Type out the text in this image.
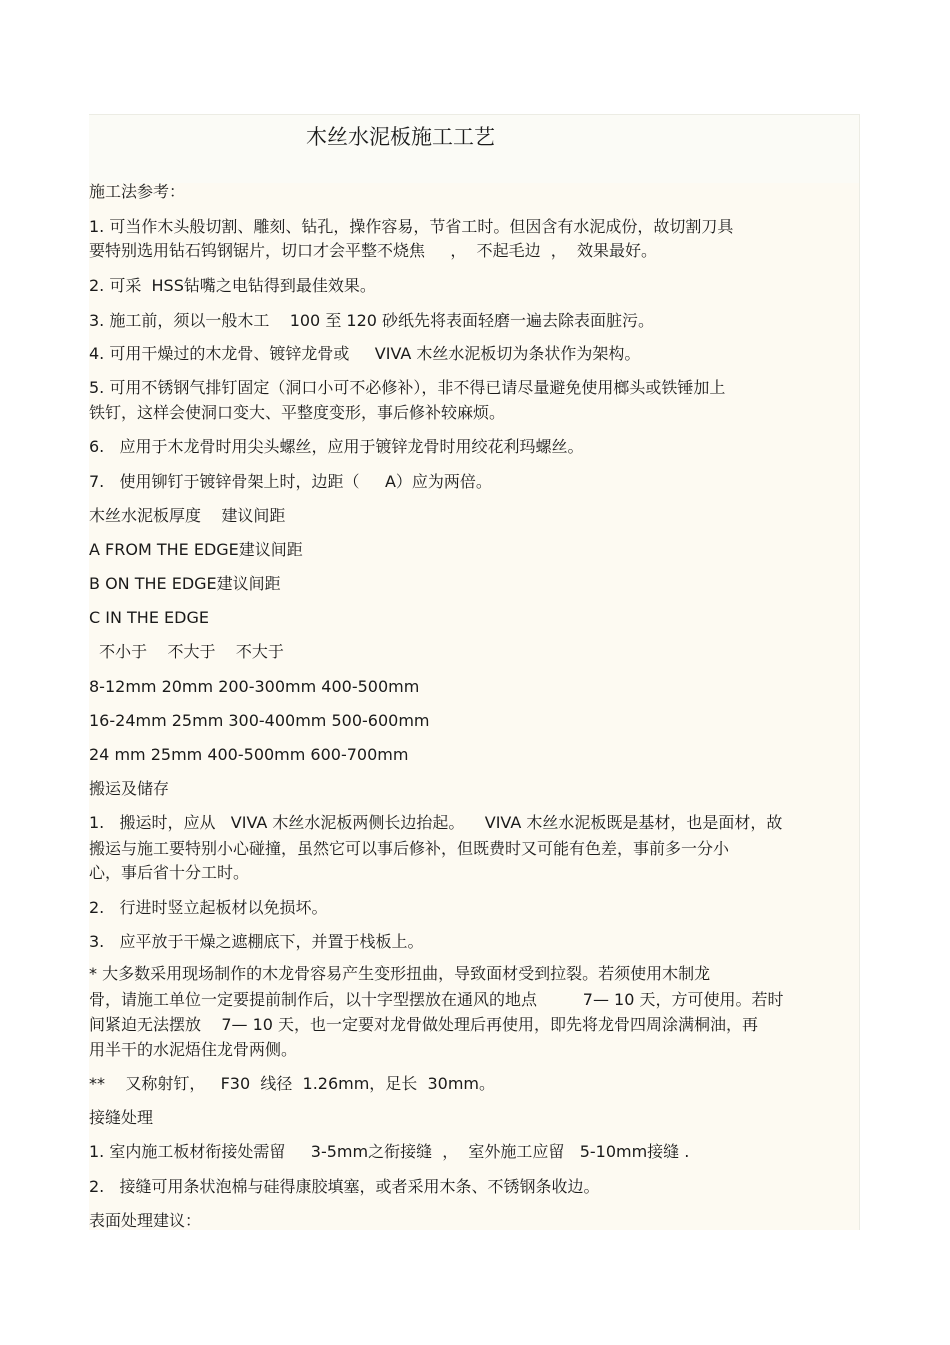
木丝水泥板施工工艺

施工法参考：

1. 可当作木头般切割、雕刻、钻孔，操作容易，节省工时。但因含有水泥成份，故切割刀具

要特别选用钻石钨钢锯片，切口才会平整不烧焦     ，  不起毛边  ，  效果最好。

2. 可采  HSS钻嘴之电钻得到最佳效果。

3. 施工前，须以一般木工    100 至 120 砂纸先将表面轻磨一遍去除表面脏污。

4. 可用干燥过的木龙骨、镀锌龙骨或     VIVA 木丝水泥板切为条状作为架构。

5. 可用不锈钢气排钉固定（洞口小可不必修补），非不得已请尽量避免使用榔头或铁锤加上

铁钉，这样会使洞口变大、平整度变形，事后修补较麻烦。

6.   应用于木龙骨时用尖头螺丝，应用于镀锌龙骨时用绞花利玛螺丝。

7.   使用铆钉于镀锌骨架上时，边距（     A）应为两倍。

木丝水泥板厚度    建议间距

A FROM THE EDGE建议间距

B ON THE EDGE建议间距

C IN THE EDGE

不小于    不大于    不大于

8-12mm 20mm 200-300mm 400-500mm

16-24mm 25mm 300-400mm 500-600mm

24 mm 25mm 400-500mm 600-700mm

搬运及储存

1.   搬运时，应从   VIVA 木丝水泥板两侧长边抬起。    VIVA 木丝水泥板既是基材，也是面材，故

搬运与施工要特别小心碰撞，虽然它可以事后修补，但既费时又可能有色差，事前多一分小

心，事后省十分工时。

2.   行进时竖立起板材以免损坏。

3.   应平放于干燥之遮棚底下，并置于栈板上。

* 大多数采用现场制作的木龙骨容易产生变形扭曲，导致面材受到拉裂。若须使用木制龙

骨，请施工单位一定要提前制作后，以十字型摆放在通风的地点         7— 10 天，方可使用。若时

间紧迫无法摆放    7— 10 天，也一定要对龙骨做处理后再使用，即先将龙骨四周涂满桐油，再

用半干的水泥焐住龙骨两侧。

**    又称射钉，   F30  线径  1.26mm，足长  30mm。

接缝处理

1. 室内施工板材衔接处需留     3-5mm之衔接缝  ，  室外施工应留   5-10mm接缝 .

2.   接缝可用条状泡棉与硅得康胶填塞，或者采用木条、不锈钢条收边。

表面处理建议：
